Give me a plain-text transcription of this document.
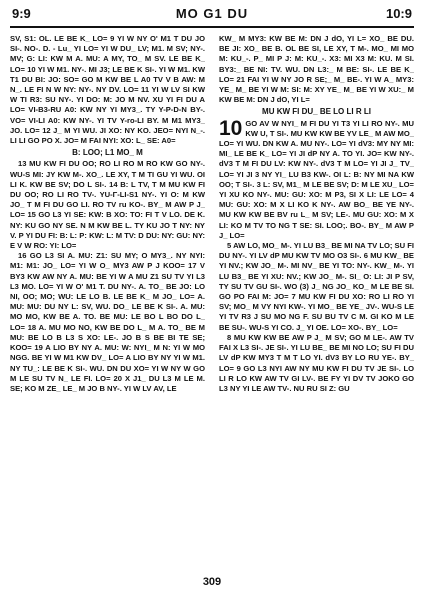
9:9	MO G1 DU	10:9

SV, S1: OL. LE BE K_ LO= 9 YI W NY O' M1 T DU JO SI-. NO-. D. - Lu_ YI LO= YI W DU_ LV; M1. M SV; NY-. MV; G: LI: KW M A. MU: A MY, TO_ M SV. LE BE K_ LO= 10 YI W M1. NY-. MI J3; LE BE K SI-. YI W M1. KW T1 DU BI: JO: SO= GO M KW BE L A0 TV V B AW: M N_. LE FI N W NY: NY-. NY DV. LO= 11 YI W LV SI KW W TI R3: SU NY-. YI DO: M: JO M NV. XU YI FI DU A LO= VI-B3-RU A0: KW NY YI MY3_. TY Y-P-D-N BY-. VO= VI-LI A0: KW NY-. YI TV Y-ro-LI BY. M M1 MY3_ JO. LO= 12 J_ M YI WU. JI XO: NY KO. JEO= NYI N_-. LI LI GO PO X. JO= M FAI NYI: XO: L_ SE: A0=

B: LOO; L1 MO_ M

13 MU KW FI DU OO; RO LI RO M RO KW GO NY-. WU-S MI: JY KW M-. XO_. LE XY, T M TI GU YI WU. OI LI K. KW BE SV; DO L SI-. 14 B: L TV, T M MU KW FI DU OO; RO LI RO TV-. YU-Γ-LI-S1 NY-. YI O: M KW JO_ T M FI DU GO LI. RO TV ru KO-. BY_ M AW P J_ LO= 15 GO L3 YI SE: KW: B XO: TO: FI T V LO. DE K. NY: KU GO NY SE. N M KW BE L. TY KU JO T NY: NY V. P YI DU FI: B: L: P: KW: L: M TV: D DU: NY: GU: NY: E V W RO: YI: LO=

16 GO L3 SI A. MU: Z1: SU MY; O MY3_. NY NYI: M1: M1: JO_ LO= YI W O_ MY3 AW P J KOO= 17 V BY3 KW AW NY A. MU: BE YI W A MU Z1 SU TV YI L3 L3 MO. LO= YI W O' M1 T. DU NY-. A. TO_ BE JO: LO NI, OO; MO; WU: LE LO B. LE BE K_ M JO_ LO= A. MU: MU: DU NY L: SV, WU. DO_ LE BE K SI-. A. MU: MO MO, KW BE A. TO. BE MU: LE BO L BO DO L_ LO= 18 A. MU MO NO, KW BE DO L_ M A. TO_ BE M MU: BE LO B L3 S XO: LE-. JO B S BE BI TE SE; KOO= 19 A LIO BY NY A. MU: W: NYI_ M N: YI W MO NGG. BE YI W M1 KW DV_ LO= A LIO BY NY YI W M1. NY TU_: LE BE K SI-. WU. DN DU XO= YI W NY W GO M LE SU TV N_ LE FI. LO= 20 X J1_ DU L3 M LE M. SE; KO M ZE_ LE_ M JO B NY-. YI W LV AV, LE

KW_ M MY3: KW BE M: DN J dO, YI L= XO_ BE DU. BE JI: XO_ BE B. OL BE SI, LE XY, T M-. MO_ MI MO M: KU_-. P_ MI P J: M: KU_-. X3: MI X3 M: KU. M SI. BY3:_ BE NI: TV. WU. DN L3:_ M BE: SI-. LE BE K_ LO= 21 FAI YI W NY JO R SE;_ M_ BE-. YI W A_ MY3: YE_ M_ BE YI W M: SI: M: XY YE_ M_ BE YI W XU:_ M KW BE M: DN J dO, YI L=

MU KW FI DU_ BE LO LI R LI

10 GO AV W NYI_ M FI DU YI T3 YI LI RO NY-. MU KW U, T SI-. MU KW KW BE YV LE_ M AW MO_ LO= YI WU. DN KW A. MU NY-. LO= YI dV3: MY NY MI: MI_ LE BE K_ LO= YI JI dP NY A. TO YI. JO= KW NY-. dV3 T M FI DU LV: KW NY-. dV3 T M LO= YI JI J_ TV_ LO= YI JI 3 NY YI_ LU B3 KW-. OI L: B: NY MI NA KW OO; T SI-. 3 L: SV, M1_ M LE BE SV; D: M LE XU_ LO= YI XU KO NY-. MU: GU: XO: M P3, SI X LI: LE LO= 4 MU: GU: XO: M X LI KO K NY-. AW BO_ BE YE NY-. MU KW KW BE BV ru L_ M SV; LE-. MU GU: XO: M X LI: KO M TV TO NG T SE: SI. LOO;. BO-. BY_ M AW P J_ LO=

5 AW LO, MO_ M-. YI LU B3_ BE MI NA TV LO; SU FI DU NY-. YI LV dP MU KW TV MO O3 SI-. 6 MU KW_ BE YI NV.; KW JO_ M-. MI NV_ BE YI TO: NY-. KW_ M-. YI LU B3_ BE YI XU: NV.; KW JO_ M-. SI_ O: LI: JI P SV, TY SU TV GU SI-. WO (3) J_ NG JO_ KO_ M LE BE SI. GO PO FAI M: JO= 7 MU KW FI DU XO: RO LI RO YI SV; MO_ M VY NYI KW-. YI MO_ BE YE_ JV-. WU-S LE YI TV R3 J SU MO NG F. SU BU TV C M. GI KO M LE BE SU-. WU-S YI CO. J_ YI OE. LO= XO-. BY_ LO=

8 MU KW KW BE AW P J_ M SV; GO M LE-. AW TV FAI X L3 SI-. JE SI-. YI LU BE_ BE MI NO LO; SU FI DU LV dP KW MY3 T M T LO YI. dV3 BY LO RU YE-. BY_ LO= 9 GO L3 NYI AW NY MU KW FI DU TV JE SI-. LO LI R LO KW AW TV GI LV-. BE FY YI DV TV JOKO GO L3 NY YI LE AW TV-. NU RU SI Z: GU

309
